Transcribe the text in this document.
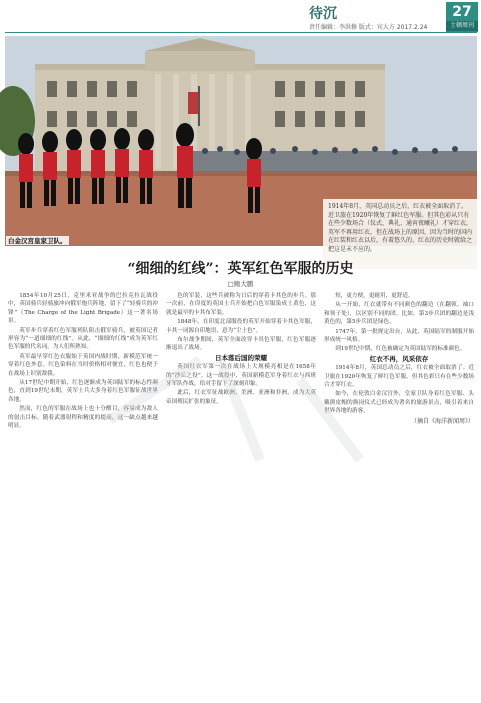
待沉
责任编辑：李洪修 版式：宾大方 2017.2.24
27
士顿周刊
1914年8月，英国总动员之后，红衣被全面取消了。近卫旅在1920年恢复了鲜红色军服。但其色彩从只有在些少数场合（仪式、典礼、通宵夜曦礼）才穿红衣，英军不再用红衣，但在战场上的原因，因为当时的国内在红装和红衣以后，有着悠久的、红衣的历史时就给之把这是未不应的。
白金汉宫皇家卫队。
“细细的红线”：英军红色军服的历史
□鲍大鹏

1854年10月25日，克里米亚战争的巴拉克拉瓦战役中，英国骑兵轻骑旅冲向俄军炮兵阵地，留下了“轻骑兵的冲锋”（The Charge of the Light Brigade）这一著名场景。

英军步兵穿着红色军服列队阻击俄军骑兵，被英国记者形容为“一道细细的红线”。从此，“细细的红线”成为英军红色军服的代名词，为人们所熟知。

英军最早穿红色衣服始于英国内战时期，新模范军统一穿着红色外套。红色染料在当时价格相对便宜，红色也便于在战场上识别敌我。

从17世纪中期开始，红色逐渐成为英国陆军的标志性颜色，直到19世纪末期，英军士兵大多身着红色军服征战世界各地。

然而，红色的军服在战场上也十分醒目，容易成为敌人的射击目标。随着武器射程和精度的提高，这一缺点越来越明显。

色的军装，这些兵被称为日后的穿着卡其色的步兵。那一次前，在印度的英国士兵开始把白色军服染成土黄色，这就是最早的卡其布军装。

1848年，在印度北部服役的英军开始穿着卡其色军服，卡其一词源自印地语，意为“尘土色”。

布尔战争期间，英军全面改穿卡其色军服，红色军服逐渐退出了战场。

日本落后国的荣耀

英国红衣军第一次在战场上大规模亮相是在1658年的“沙丘之役”。这一战役中，英国新模范军身着红衣与西班牙军队作战，给对手留下了深刻印象。

此后，红衣军征战欧洲、美洲、亚洲和非洲，成为大英帝国殖民扩张的象征。

短，更方便，更耐用，更舒适。

从一开始，红衣就带有不同颜色的翻边（在翻领、袖口和领子处），以区别不同的团。比如，第3步兵团的翻边是浅黄色的，第5步兵团是绿色。

1747年，第一批规定出台，从此，英国陆军的制服开始形成统一风格。

到19世纪中期，红色被确定为英国陆军的标准颜色。

红衣不再，风采依存

1914年8月，英国总动员之后，红衣被全面取消了。近卫旅在1920年恢复了鲜红色军服，但其色彩只有在些少数场合才穿红衣。

如今，在伦敦白金汉宫外，皇家卫队身着红色军服、头戴熊皮帽的换岗仪式已经成为著名的旅游景点，吸引着来自世界各地的游客。

（摘自《海洋新闻周》）
